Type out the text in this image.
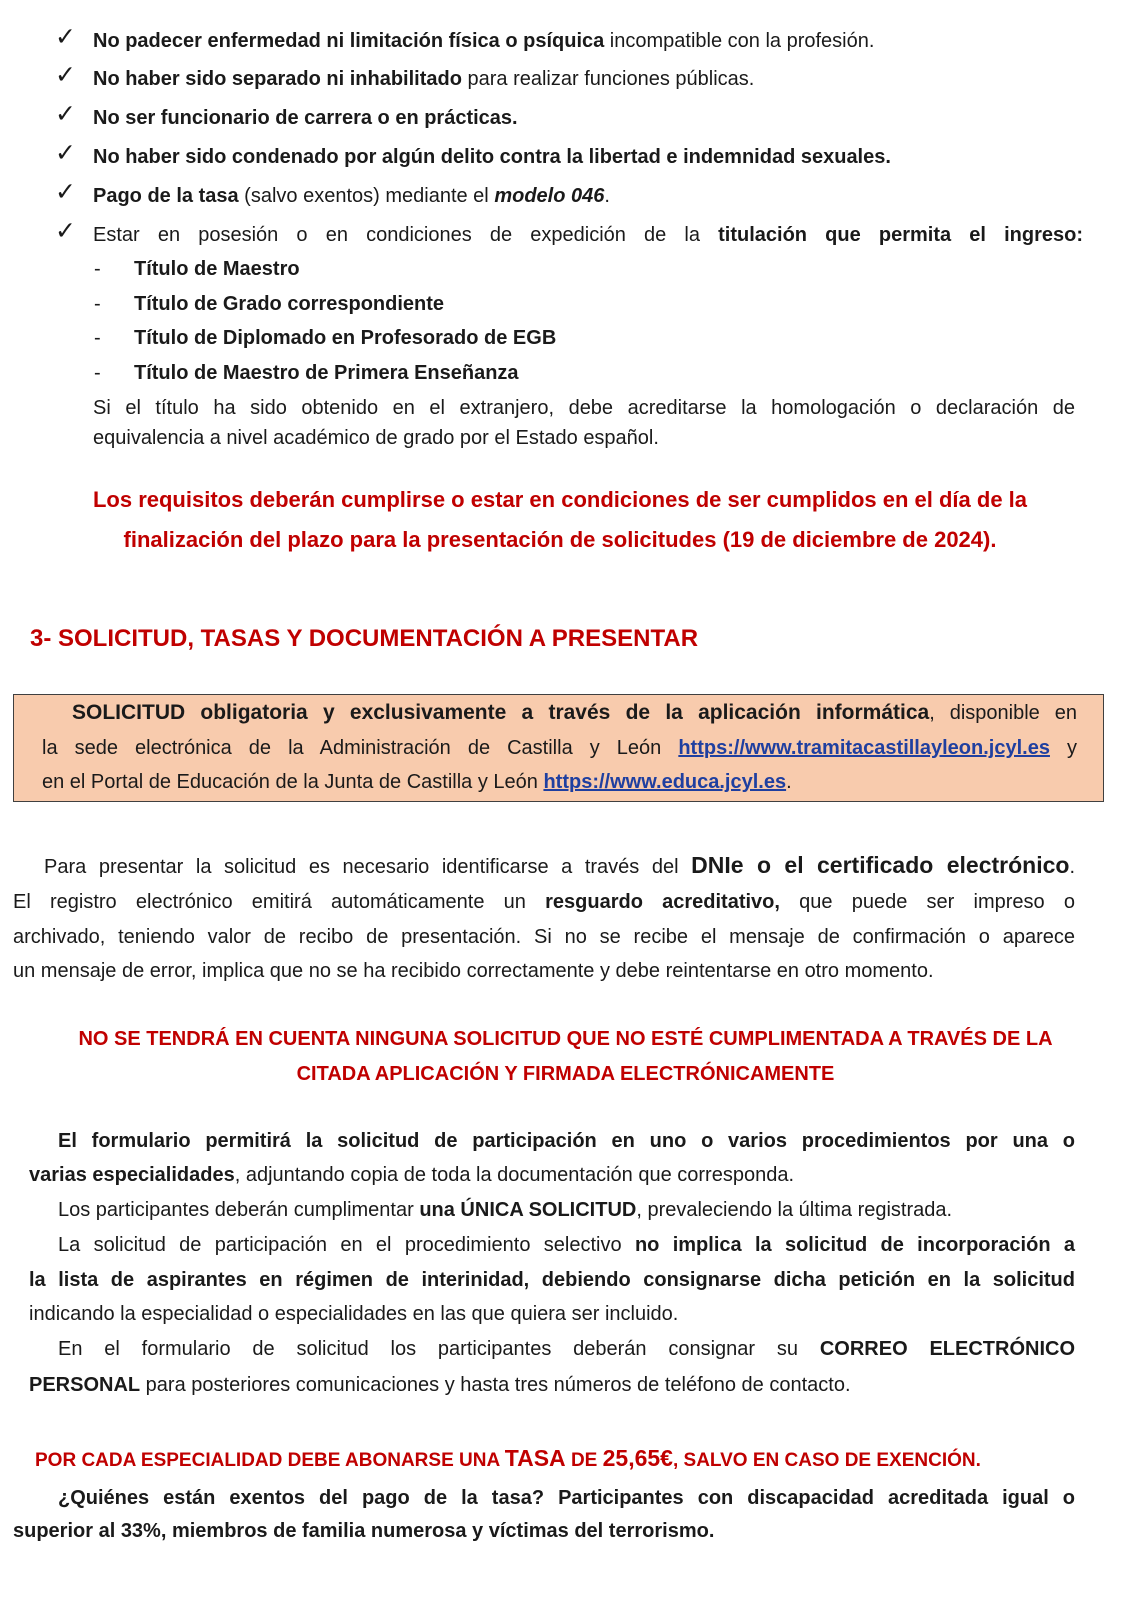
✓ No padecer enfermedad ni limitación física o psíquica incompatible con la profesión.
✓ No haber sido separado ni inhabilitado para realizar funciones públicas.
✓ No ser funcionario de carrera o en prácticas.
✓ No haber sido condenado por algún delito contra la libertad e indemnidad sexuales.
✓ Pago de la tasa (salvo exentos) mediante el modelo 046.
✓ Estar en posesión o en condiciones de expedición de la titulación que permita el ingreso:
- Título de Maestro
- Título de Grado correspondiente
- Título de Diplomado en Profesorado de EGB
- Título de Maestro de Primera Enseñanza
Si el título ha sido obtenido en el extranjero, debe acreditarse la homologación o declaración de
equivalencia a nivel académico de grado por el Estado español.
Los requisitos deberán cumplirse o estar en condiciones de ser cumplidos en el día de la
finalización del plazo para la presentación de solicitudes (19 de diciembre de 2024).
3- SOLICITUD, TASAS Y DOCUMENTACIÓN A PRESENTAR
SOLICITUD obligatoria y exclusivamente a través de la aplicación informática, disponible en
la sede electrónica de la Administración de Castilla y León https://www.tramitacastillayleon.jcyl.es y
en el Portal de Educación de la Junta de Castilla y León https://www.educa.jcyl.es.
Para presentar la solicitud es necesario identificarse a través del DNIe o el certificado electrónico.
El registro electrónico emitirá automáticamente un resguardo acreditativo, que puede ser impreso o
archivado, teniendo valor de recibo de presentación. Si no se recibe el mensaje de confirmación o aparece
un mensaje de error, implica que no se ha recibido correctamente y debe reintentarse en otro momento.
NO SE TENDRÁ EN CUENTA NINGUNA SOLICITUD QUE NO ESTÉ CUMPLIMENTADA A TRAVÉS DE LA
CITADA APLICACIÓN Y FIRMADA ELECTRÓNICAMENTE
El formulario permitirá la solicitud de participación en uno o varios procedimientos por una o
varias especialidades, adjuntando copia de toda la documentación que corresponda.
Los participantes deberán cumplimentar una ÚNICA SOLICITUD, prevaleciendo la última registrada.
La solicitud de participación en el procedimiento selectivo no implica la solicitud de incorporación a
la lista de aspirantes en régimen de interinidad, debiendo consignarse dicha petición en la solicitud
indicando la especialidad o especialidades en las que quiera ser incluido.
En el formulario de solicitud los participantes deberán consignar su CORREO ELECTRÓNICO
PERSONAL para posteriores comunicaciones y hasta tres números de teléfono de contacto.
POR CADA ESPECIALIDAD DEBE ABONARSE UNA TASA DE 25,65€, SALVO EN CASO DE EXENCIÓN.
¿Quiénes están exentos del pago de la tasa? Participantes con discapacidad acreditada igual o
superior al 33%, miembros de familia numerosa y víctimas del terrorismo.
